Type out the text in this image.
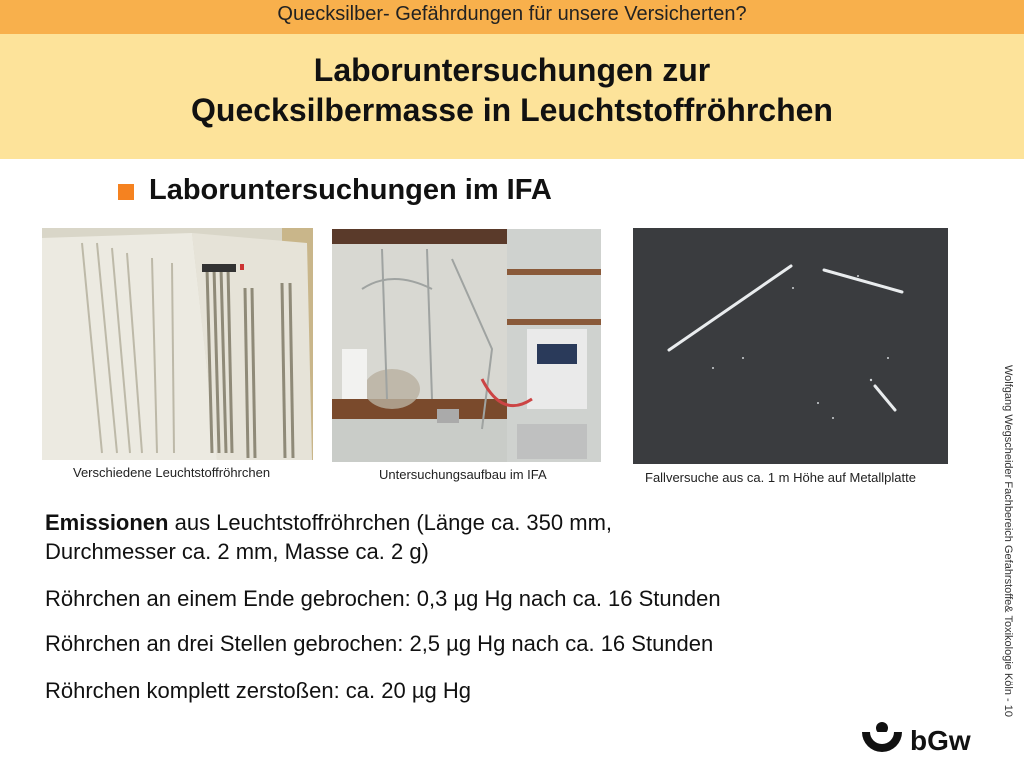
Quecksilber- Gefährdungen für unsere Versicherten?
Laboruntersuchungen zur
Quecksilbermasse in Leuchtstoffröhrchen
Laboruntersuchungen im IFA
Verschiedene Leuchtstoffröhrchen	Untersuchungsaufbau im IFA	Fallversuche aus ca. 1 m Höhe auf Metallplatte
Emissionen aus Leuchtstoffröhrchen (Länge ca. 350 mm,
Durchmesser ca. 2 mm, Masse ca. 2 g)
Röhrchen an einem Ende gebrochen: 0,3 µg Hg nach ca. 16 Stunden
Röhrchen an drei Stellen gebrochen: 2,5 µg Hg nach ca. 16 Stunden
Röhrchen komplett zerstoßen: ca. 20 µg Hg	Wolfgang Wegscheider Fachbereich Gefahrstoffe& Toxikologie Köln - 10
bGw
